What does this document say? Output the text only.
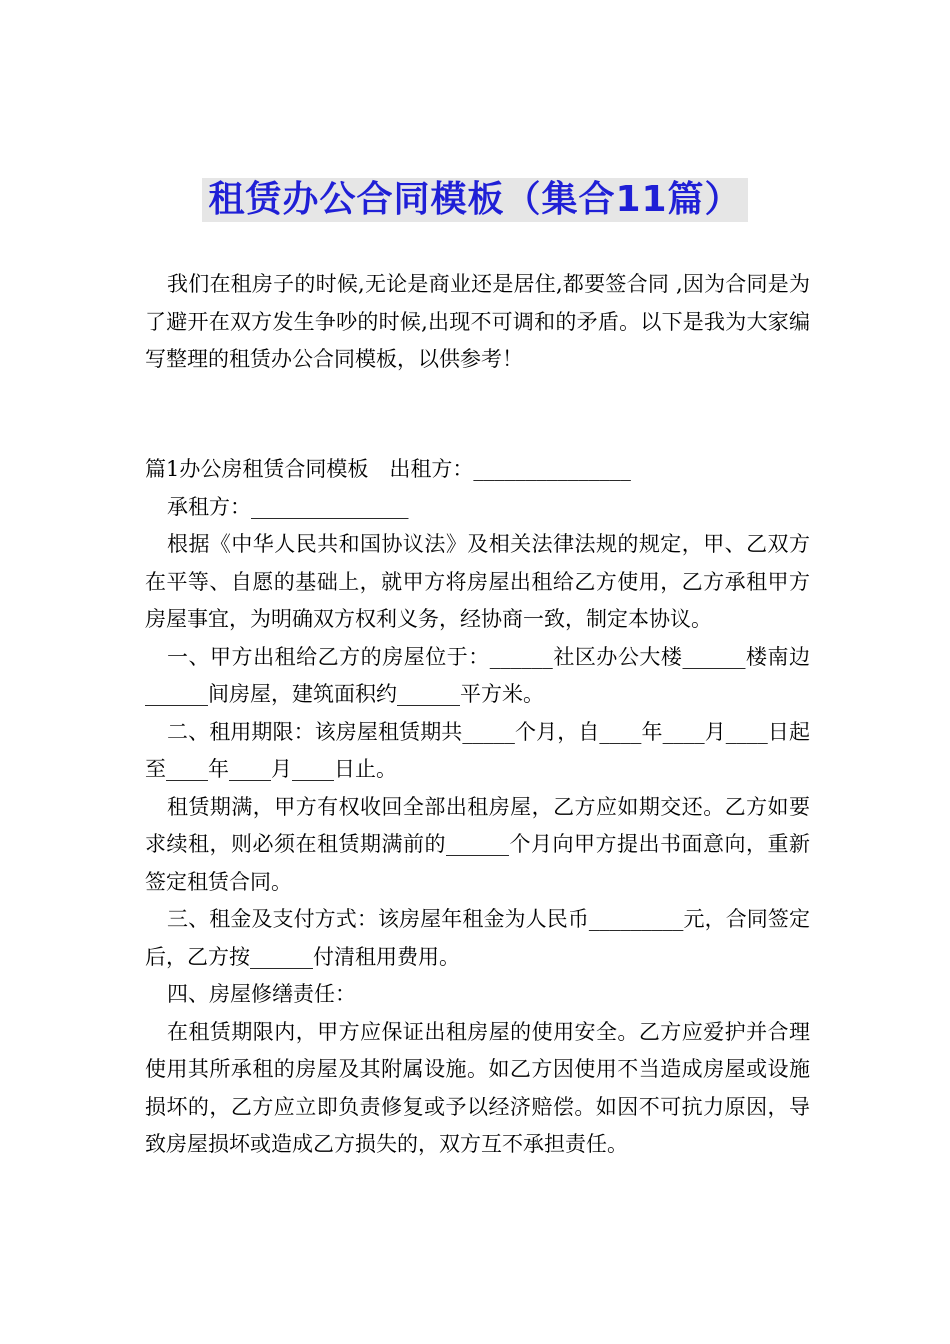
租赁办公合同模板（集合11篇）

我们在租房子的时候,无论是商业还是居住,都要签合同 ,因为合同是为了避开在双方发生争吵的时候,出现不可调和的矛盾。以下是我为大家编写整理的租赁办公合同模板，以供参考！

篇1办公房租赁合同模板　出租方：_______________

承租方：_______________

根据《中华人民共和国协议法》及相关法律法规的规定，甲、乙双方在平等、自愿的基础上，就甲方将房屋出租给乙方使用，乙方承租甲方房屋事宜，为明确双方权利义务，经协商一致，制定本协议。

一、甲方出租给乙方的房屋位于：______社区办公大楼______楼南边______间房屋，建筑面积约______平方米。

二、租用期限：该房屋租赁期共_____个月，自____年____月____日起至____年____月____日止。

租赁期满，甲方有权收回全部出租房屋，乙方应如期交还。乙方如要求续租，则必须在租赁期满前的______个月向甲方提出书面意向，重新签定租赁合同。

三、租金及支付方式：该房屋年租金为人民币_________元，合同签定后，乙方按______付清租用费用。

四、房屋修缮责任：

在租赁期限内，甲方应保证出租房屋的使用安全。乙方应爱护并合理使用其所承租的房屋及其附属设施。如乙方因使用不当造成房屋或设施损坏的，乙方应立即负责修复或予以经济赔偿。如因不可抗力原因，导致房屋损坏或造成乙方损失的，双方互不承担责任。
